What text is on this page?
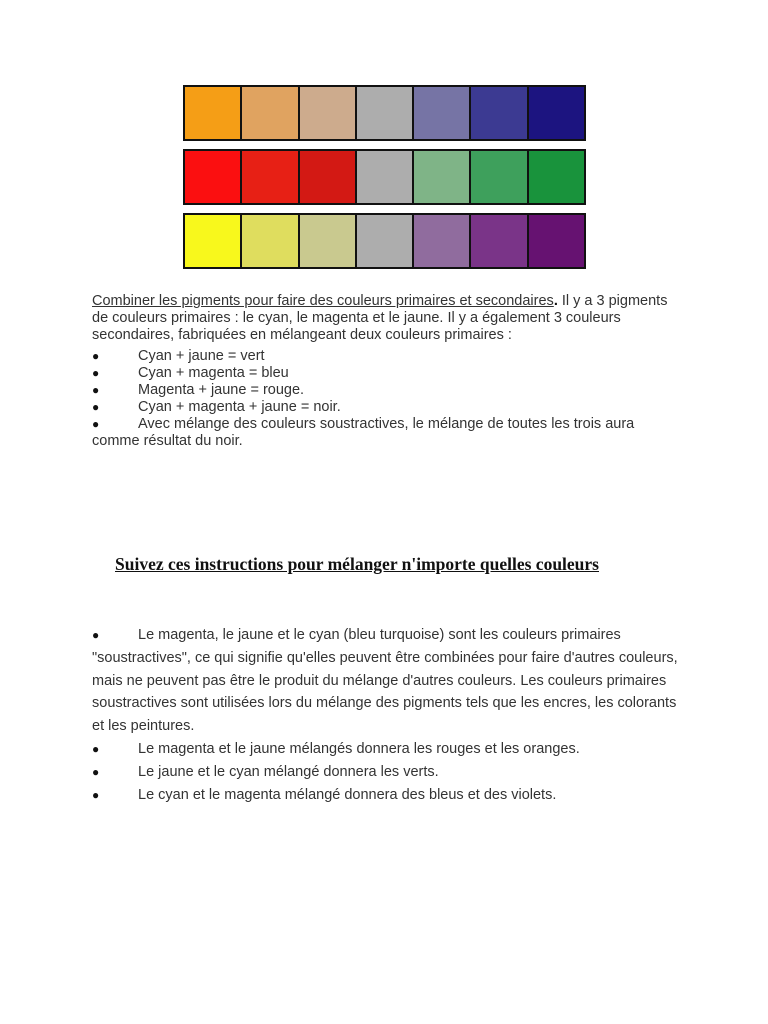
Combiner les pigments pour faire des couleurs primaires et secondaires. Il y a 3 pigments de couleurs primaires : le cyan, le magenta et le jaune. Il y a également 3 couleurs secondaires, fabriquées en mélangeant deux couleurs primaires :
●	Cyan + jaune = vert
●	Cyan + magenta = bleu
●	Magenta + jaune = rouge.
●	Cyan + magenta + jaune = noir.
●	Avec mélange des couleurs soustractives, le mélange de toutes les trois aura comme résultat du noir.
Suivez ces instructions pour mélanger n'importe quelles couleurs
●	Le magenta, le jaune et le cyan (bleu turquoise) sont les couleurs primaires "soustractives", ce qui signifie qu'elles peuvent être combinées pour faire d'autres couleurs, mais ne peuvent pas être le produit du mélange d'autres couleurs. Les couleurs primaires soustractives sont utilisées lors du mélange des pigments tels que les encres, les colorants et les peintures.
●	Le magenta et le jaune mélangés donnera les rouges et les oranges.
●	Le jaune et le cyan mélangé donnera les verts.
●	Le cyan et le magenta mélangé donnera des bleus et des violets.
